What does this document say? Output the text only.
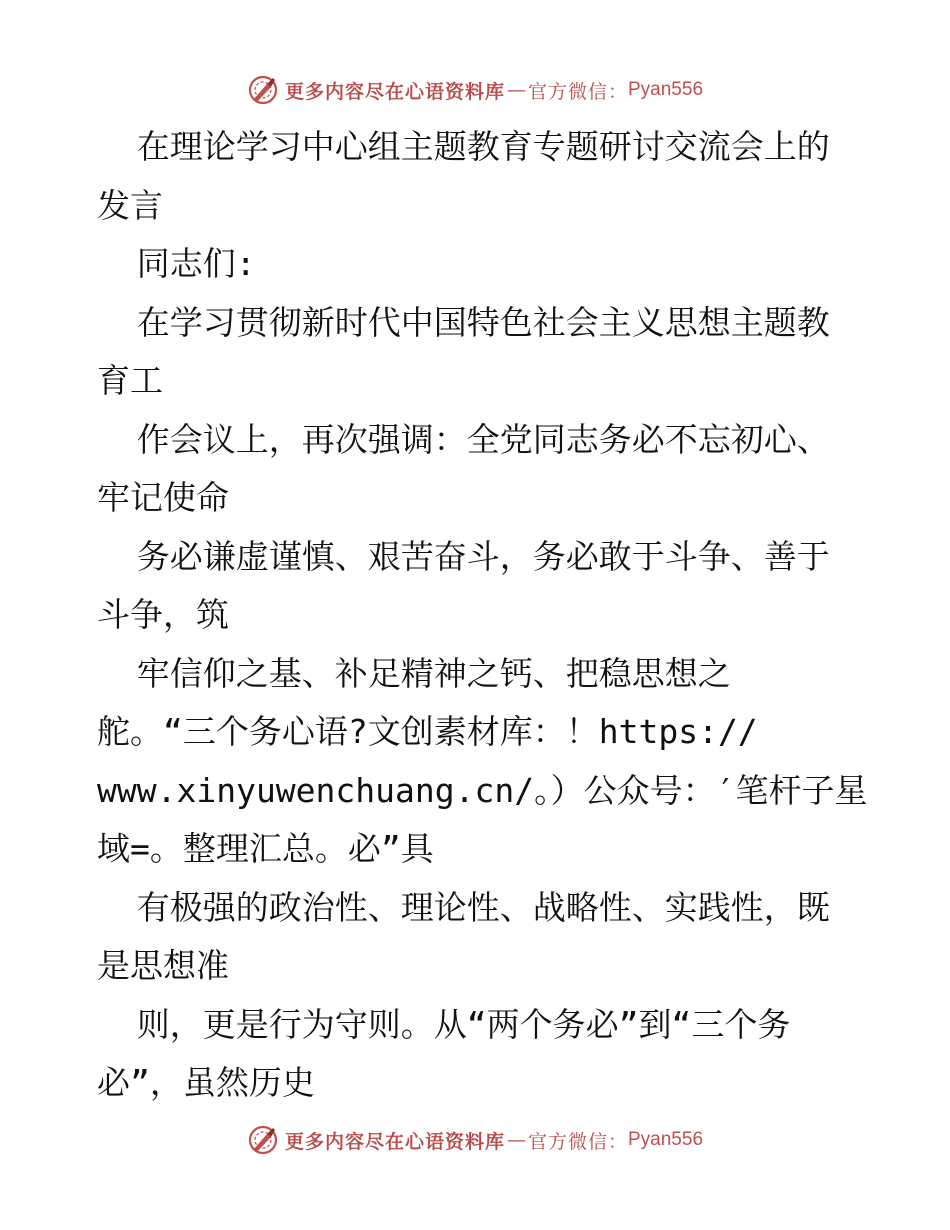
更多内容尽在心语资料库 — 官方微信： Pyan556
在理论学习中心组主题教育专题研讨交流会上的
发言
同志们:
在学习贯彻新时代中国特色社会主义思想主题教
育工
作会议上，再次强调：全党同志务必不忘初心、
牢记使命
务必谦虚谨慎、艰苦奋斗，务必敢于斗争、善于
斗争，筑
牢信仰之基、补足精神之钙、把稳思想之
舵。“三个务心语?文创素材库：！https://
www.xinyuwenchuang.cn/。）公众号：′笔杆子星
域=。整理汇总。必”具
有极强的政治性、理论性、战略性、实践性，既
是思想准
则，更是行为守则。从“两个务必”到“三个务
必”，虽然历史
更多内容尽在心语资料库 — 官方微信： Pyan556
